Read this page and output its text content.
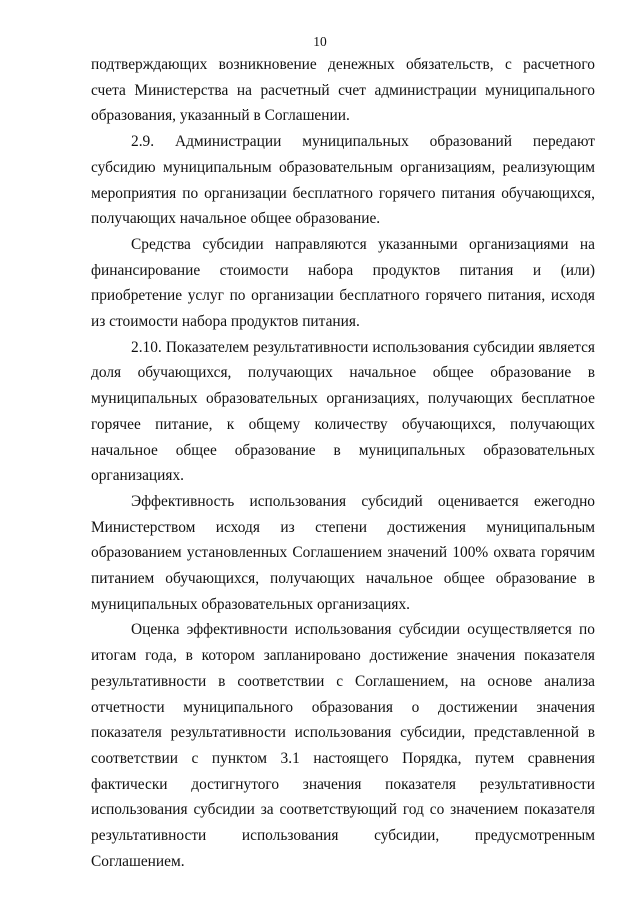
10

подтверждающих возникновение денежных обязательств, с расчетного счета Министерства на расчетный счет администрации муниципального образования, указанный в Соглашении.

2.9. Администрации муниципальных образований передают субсидию муниципальным образовательным организациям, реализующим мероприятия по организации бесплатного горячего питания обучающихся, получающих начальное общее образование.

Средства субсидии направляются указанными организациями на финансирование стоимости набора продуктов питания и (или) приобретение услуг по организации бесплатного горячего питания, исходя из стоимости набора продуктов питания.

2.10. Показателем результативности использования субсидии является доля обучающихся, получающих начальное общее образование в муниципальных образовательных организациях, получающих бесплатное горячее питание, к общему количеству обучающихся, получающих начальное общее образование в муниципальных образовательных организациях.

Эффективность использования субсидий оценивается ежегодно Министерством исходя из степени достижения муниципальным образованием установленных Соглашением значений 100% охвата горячим питанием обучающихся, получающих начальное общее образование в муниципальных образовательных организациях.

Оценка эффективности использования субсидии осуществляется по итогам года, в котором запланировано достижение значения показателя результативности в соответствии с Соглашением, на основе анализа отчетности муниципального образования о достижении значения показателя результативности использования субсидии, представленной в соответствии с пунктом 3.1 настоящего Порядка, путем сравнения фактически достигнутого значения показателя результативности использования субсидии за соответствующий год со значением показателя результативности использования субсидии, предусмотренным Соглашением.
